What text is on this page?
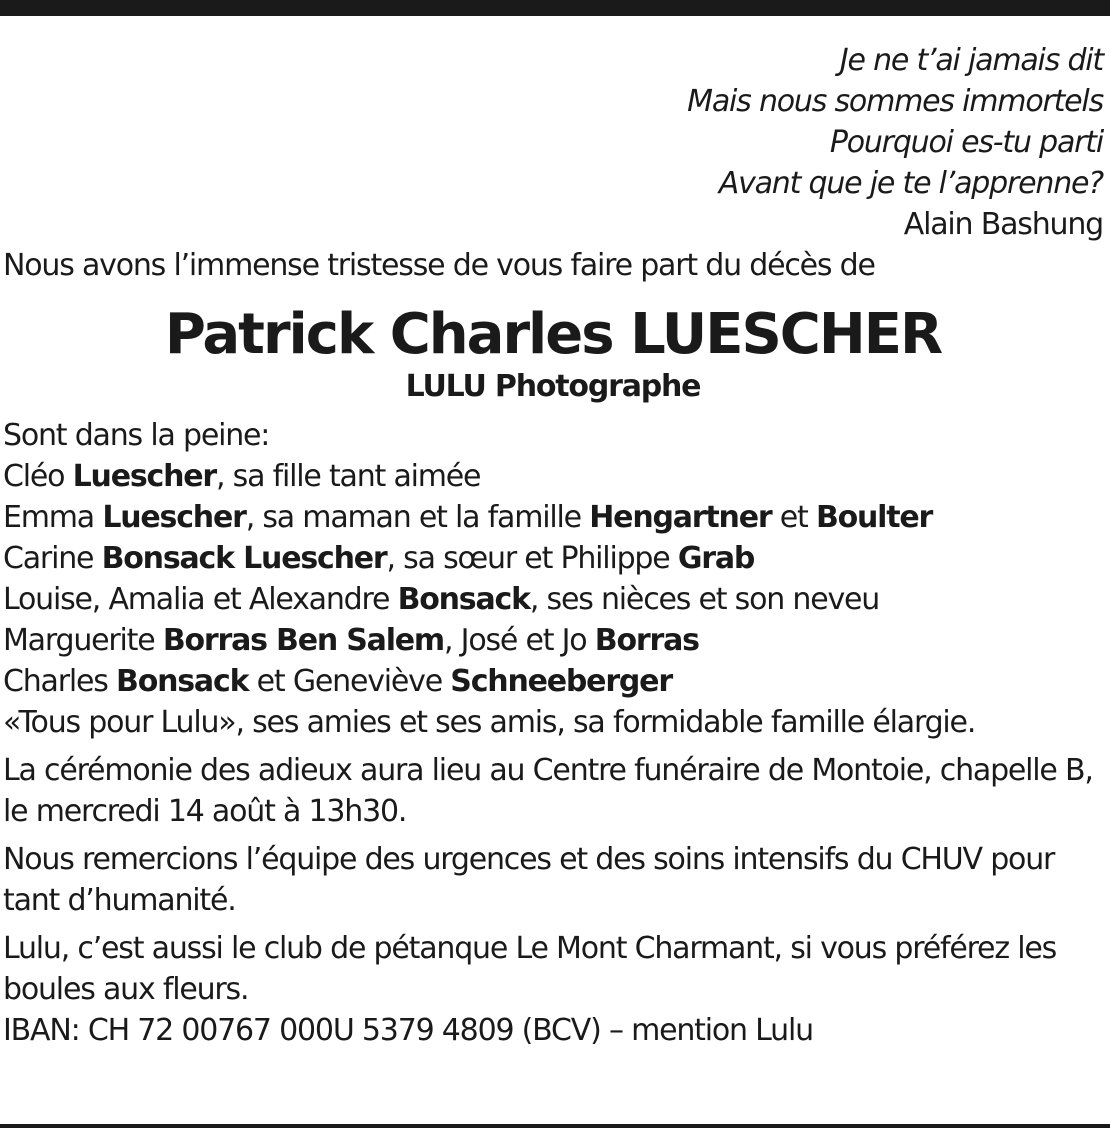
Je ne t’ai jamais dit
Mais nous sommes immortels
Pourquoi es-tu parti
Avant que je te l’apprenne?
Alain Bashung
Nous avons l’immense tristesse de vous faire part du décès de
Patrick Charles LUESCHER
LULU Photographe
Sont dans la peine:
Cléo Luescher, sa fille tant aimée
Emma Luescher, sa maman et la famille Hengartner et Boulter
Carine Bonsack Luescher, sa sœur et Philippe Grab
Louise, Amalia et Alexandre Bonsack, ses nièces et son neveu
Marguerite Borras Ben Salem, José et Jo Borras
Charles Bonsack et Geneviève Schneeberger
«Tous pour Lulu», ses amies et ses amis, sa formidable famille élargie.
La cérémonie des adieux aura lieu au Centre funéraire de Montoie, chapelle B, le mercredi 14 août à 13h30.
Nous remercions l’équipe des urgences et des soins intensifs du CHUV pour tant d’humanité.
Lulu, c’est aussi le club de pétanque Le Mont Charmant, si vous préférez les boules aux fleurs.
IBAN: CH 72 00767 000U 5379 4809 (BCV) – mention Lulu
